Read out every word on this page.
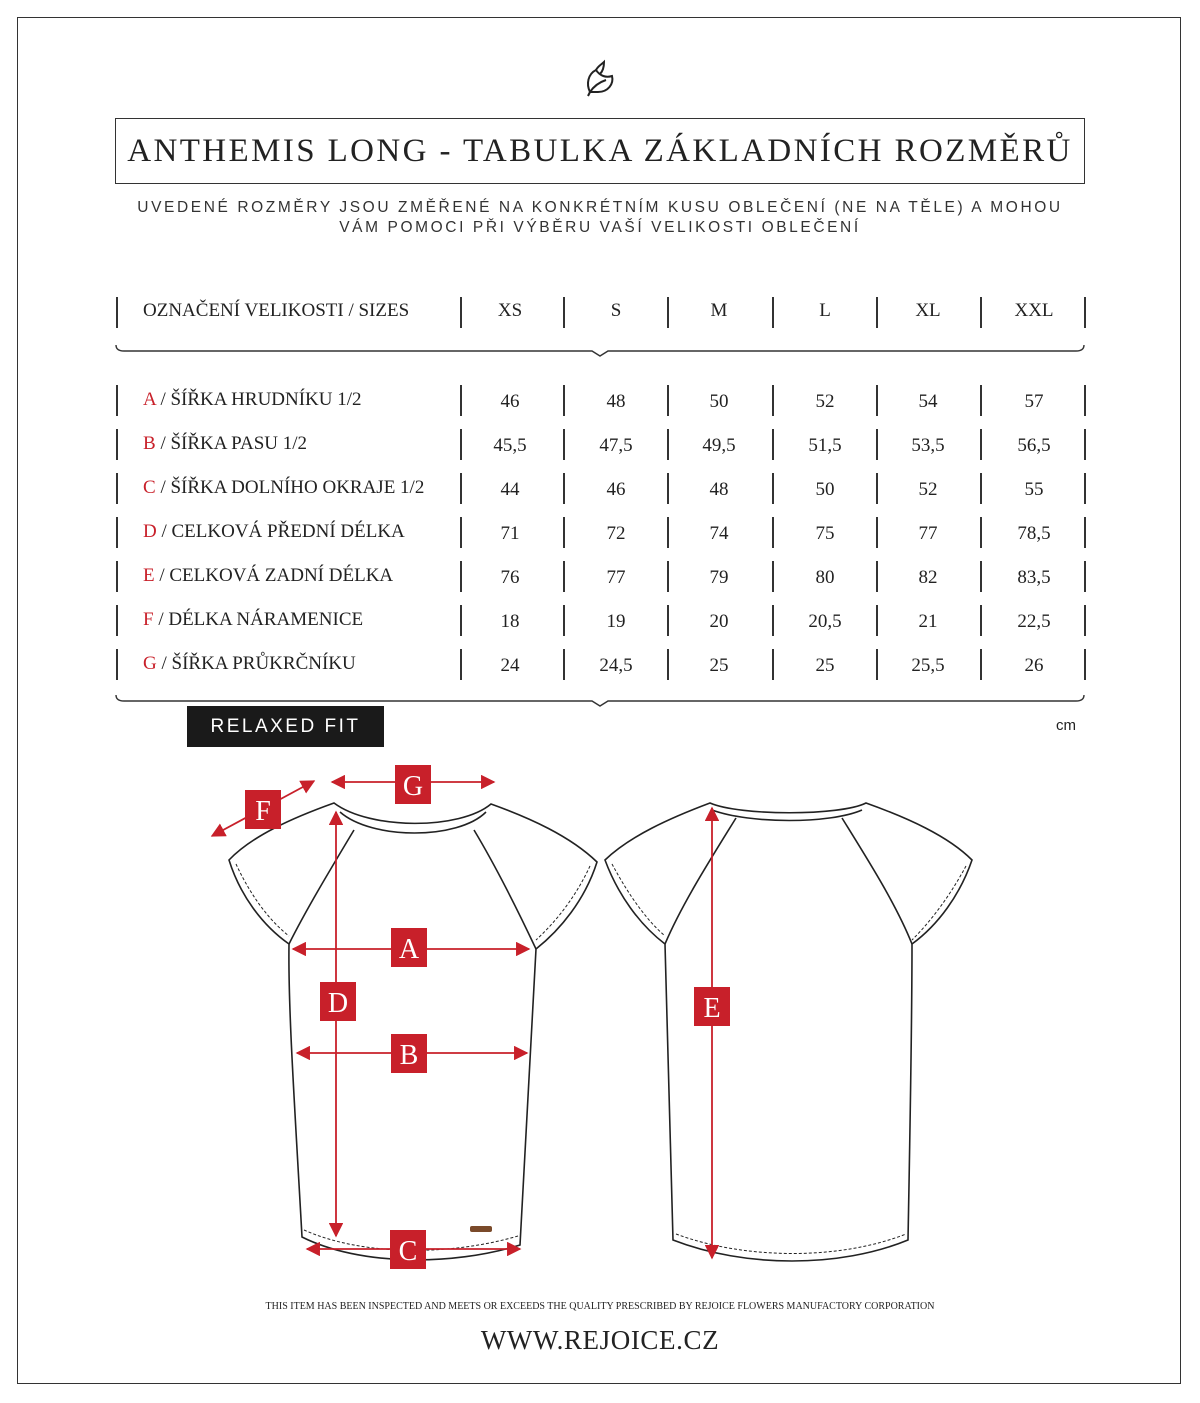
ANTHEMIS LONG - TABULKA ZÁKLADNÍCH ROZMĚRŮ
UVEDENÉ ROZMĚRY JSOU ZMĚŘENÉ NA KONKRÉTNÍM KUSU OBLEČENÍ (NE NA TĚLE) A MOHOU
VÁM POMOCI PŘI VÝBĚRU VAŠÍ VELIKOSTI OBLEČENÍ
OZNAČENÍ VELIKOSTI / SIZES	XS	S	M	L	XL	XXL
A / ŠÍŘKA HRUDNÍKU 1/2	46	48	50	52	54	57
B / ŠÍŘKA PASU 1/2	45,5	47,5	49,5	51,5	53,5	56,5
C / ŠÍŘKA DOLNÍHO OKRAJE 1/2	44	46	48	50	52	55
D / CELKOVÁ PŘEDNÍ DÉLKA	71	72	74	75	77	78,5
E / CELKOVÁ ZADNÍ DÉLKA	76	77	79	80	82	83,5
F / DÉLKA NÁRAMENICE	18	19	20	20,5	21	22,5
G / ŠÍŘKA PRŮKRČNÍKU	24	24,5	25	25	25,5	26
RELAXED FIT	cm
A
B
C
D	E
F
G
THIS ITEM HAS BEEN INSPECTED AND MEETS OR EXCEEDS THE QUALITY PRESCRIBED BY REJOICE FLOWERS MANUFACTORY CORPORATION
WWW.REJOICE.CZ
